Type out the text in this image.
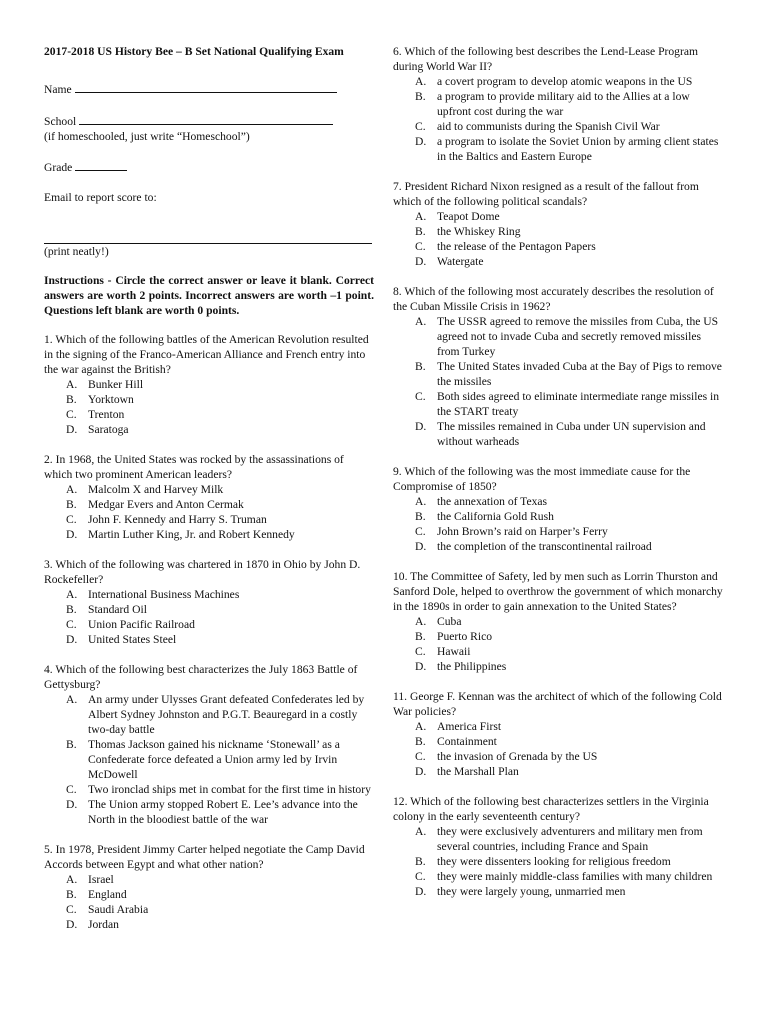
2017-2018 US History Bee – B Set National Qualifying Exam
Name
School
(if homeschooled, just write “Homeschool”)
Grade
Email to report score to:
(print neatly!)
Instructions - Circle the correct answer or leave it blank. Correct answers are worth 2 points. Incorrect answers are worth –1 point. Questions left blank are worth 0 points.
1. Which of the following battles of the American Revolution resulted in the signing of the Franco-American Alliance and French entry into the war against the British?
A. Bunker Hill
B. Yorktown
C. Trenton
D. Saratoga
2. In 1968, the United States was rocked by the assassinations of which two prominent American leaders?
A. Malcolm X and Harvey Milk
B. Medgar Evers and Anton Cermak
C. John F. Kennedy and Harry S. Truman
D. Martin Luther King, Jr. and Robert Kennedy
3. Which of the following was chartered in 1870 in Ohio by John D. Rockefeller?
A. International Business Machines
B. Standard Oil
C. Union Pacific Railroad
D. United States Steel
4. Which of the following best characterizes the July 1863 Battle of Gettysburg?
A. An army under Ulysses Grant defeated Confederates led by Albert Sydney Johnston and P.G.T. Beauregard in a costly two-day battle
B. Thomas Jackson gained his nickname ‘Stonewall’ as a Confederate force defeated a Union army led by Irvin McDowell
C. Two ironclad ships met in combat for the first time in history
D. The Union army stopped Robert E. Lee’s advance into the North in the bloodiest battle of the war
5. In 1978, President Jimmy Carter helped negotiate the Camp David Accords between Egypt and what other nation?
A. Israel
B. England
C. Saudi Arabia
D. Jordan
6. Which of the following best describes the Lend-Lease Program during World War II?
A. a covert program to develop atomic weapons in the US
B. a program to provide military aid to the Allies at a low upfront cost during the war
C. aid to communists during the Spanish Civil War
D. a program to isolate the Soviet Union by arming client states in the Baltics and Eastern Europe
7. President Richard Nixon resigned as a result of the fallout from which of the following political scandals?
A. Teapot Dome
B. the Whiskey Ring
C. the release of the Pentagon Papers
D. Watergate
8. Which of the following most accurately describes the resolution of the Cuban Missile Crisis in 1962?
A. The USSR agreed to remove the missiles from Cuba, the US agreed not to invade Cuba and secretly removed missiles from Turkey
B. The United States invaded Cuba at the Bay of Pigs to remove the missiles
C. Both sides agreed to eliminate intermediate range missiles in the START treaty
D. The missiles remained in Cuba under UN supervision and without warheads
9. Which of the following was the most immediate cause for the Compromise of 1850?
A. the annexation of Texas
B. the California Gold Rush
C. John Brown’s raid on Harper’s Ferry
D. the completion of the transcontinental railroad
10. The Committee of Safety, led by men such as Lorrin Thurston and Sanford Dole, helped to overthrow the government of which monarchy in the 1890s in order to gain annexation to the United States?
A. Cuba
B. Puerto Rico
C. Hawaii
D. the Philippines
11. George F. Kennan was the architect of which of the following Cold War policies?
A. America First
B. Containment
C. the invasion of Grenada by the US
D. the Marshall Plan
12. Which of the following best characterizes settlers in the Virginia colony in the early seventeenth century?
A. they were exclusively adventurers and military men from several countries, including France and Spain
B. they were dissenters looking for religious freedom
C. they were mainly middle-class families with many children
D. they were largely young, unmarried men
